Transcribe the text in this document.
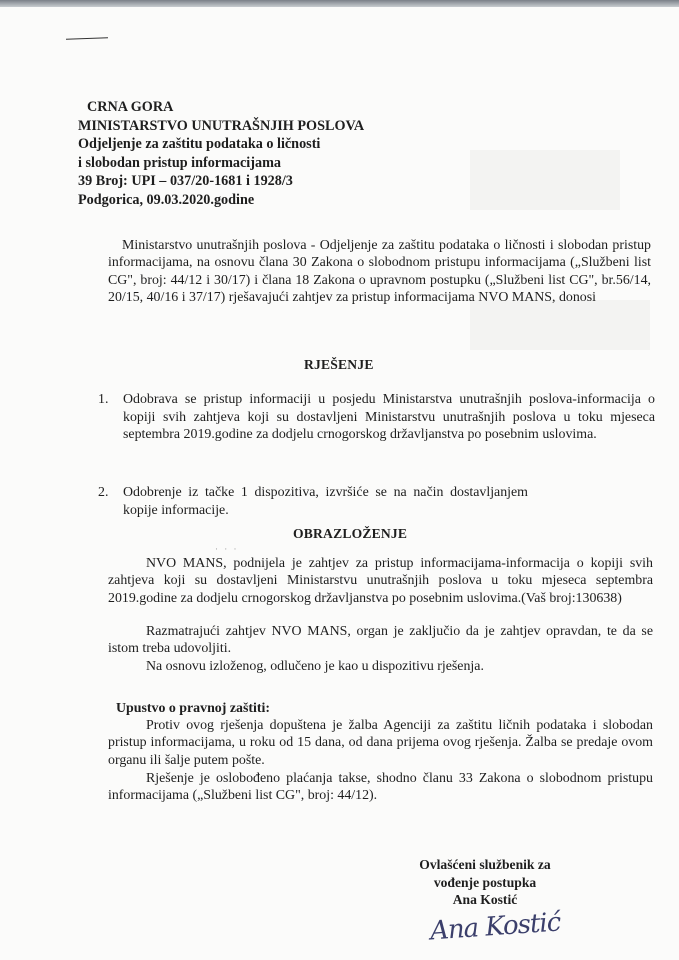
CRNA GORA
MINISTARSTVO UNUTRAŠNJIH POSLOVA
Odjeljenje za zaštitu podataka o ličnosti
i slobodan pristup informacijama
39 Broj: UPI – 037/20-1681 i 1928/3
Podgorica, 09.03.2020.godine
Ministarstvo unutrašnjih poslova - Odjeljenje za zaštitu podataka o ličnosti i slobodan pristup informacijama, na osnovu člana 30 Zakona o slobodnom pristupu informacijama („Službeni list CG", broj: 44/12 i 30/17) i člana 18 Zakona o upravnom postupku („Službeni list CG", br.56/14, 20/15, 40/16 i 37/17) rješavajući zahtjev za pristup informacijama NVO MANS, donosi
RJEŠENJE
1.	Odobrava se pristup informaciji u posjedu Ministarstva unutrašnjih poslova-informacija o kopiji svih zahtjeva koji su dostavljeni Ministarstvu unutrašnjih poslova u toku mjeseca septembra 2019.godine za dodjelu crnogorskog državljanstva po posebnim uslovima.
2.	Odobrenje iz tačke 1 dispozitiva, izvršiće se na način dostavljanjem kopije informacije.
OBRAZLOŽENJE
· · ·
NVO MANS, podnijela je zahtjev za pristup informacijama-informacija o kopiji svih zahtjeva koji su dostavljeni Ministarstvu unutrašnjih poslova u toku mjeseca septembra 2019.godine za dodjelu crnogorskog državljanstva po posebnim uslovima.(Vaš broj:130638)
Razmatrajući zahtjev NVO MANS, organ je zaključio da je zahtjev opravdan, te da se istom treba udovoljiti.
Na osnovu izloženog, odlučeno je kao u dispozitivu rješenja.
Upustvo o pravnoj zaštiti:
Protiv ovog rješenja dopuštena je žalba Agenciji za zaštitu ličnih podataka i slobodan pristup informacijama, u roku od 15 dana, od dana prijema ovog rješenja. Žalba se predaje ovom organu ili šalje putem pošte.
Rješenje je oslobođeno plaćanja takse, shodno članu 33 Zakona o slobodnom pristupu informacijama („Službeni list CG", broj: 44/12).
Ovlašćeni službenik za
vođenje postupka
Ana Kostić
Ana Kostić
